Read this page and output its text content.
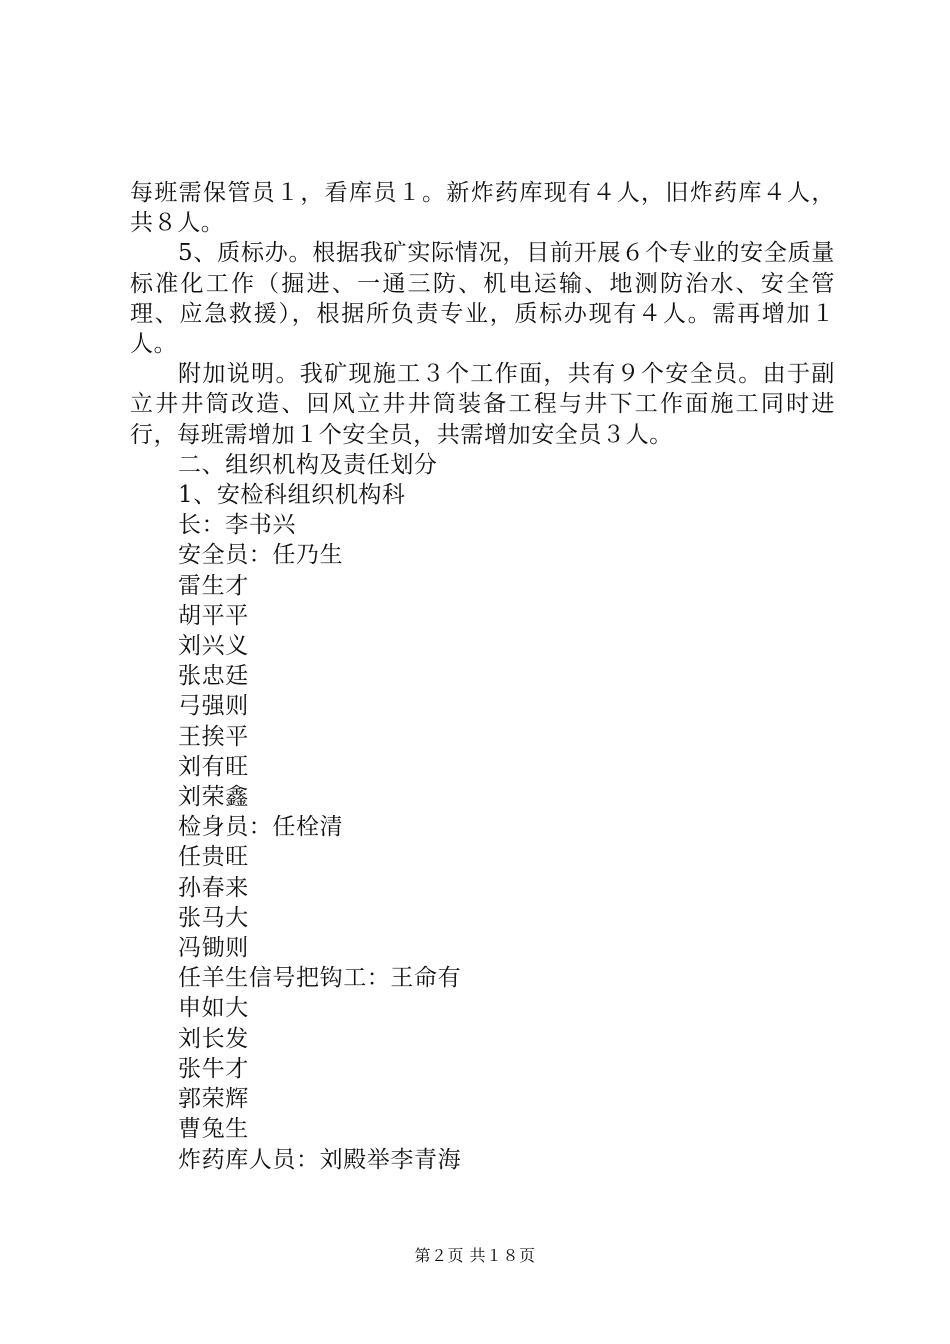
每班需保管员１，看库员１。新炸药库现有４人，旧炸药库４人，共８人。

5、质标办。根据我矿实际情况，目前开展６个专业的安全质量标准化工作（掘进、一通三防、机电运输、地测防治水、安全管理、应急救援），根据所负责专业，质标办现有４人。需再增加１人。

附加说明。我矿现施工３个工作面，共有９个安全员。由于副立井井筒改造、回风立井井筒装备工程与井下工作面施工同时进行，每班需增加１个安全员，共需增加安全员３人。

二、组织机构及责任划分

1、安检科组织机构科

长：李书兴

安全员：任乃生

雷生才

胡平平

刘兴义

张忠廷

弓强则

王挨平

刘有旺

刘荣鑫

检身员：任栓清

任贵旺

孙春来

张马大

冯锄则

任羊生信号把钩工：王命有

申如大

刘长发

张牛才

郭荣辉

曹兔生

炸药库人员：刘殿举李青海

第２页 共１８页
